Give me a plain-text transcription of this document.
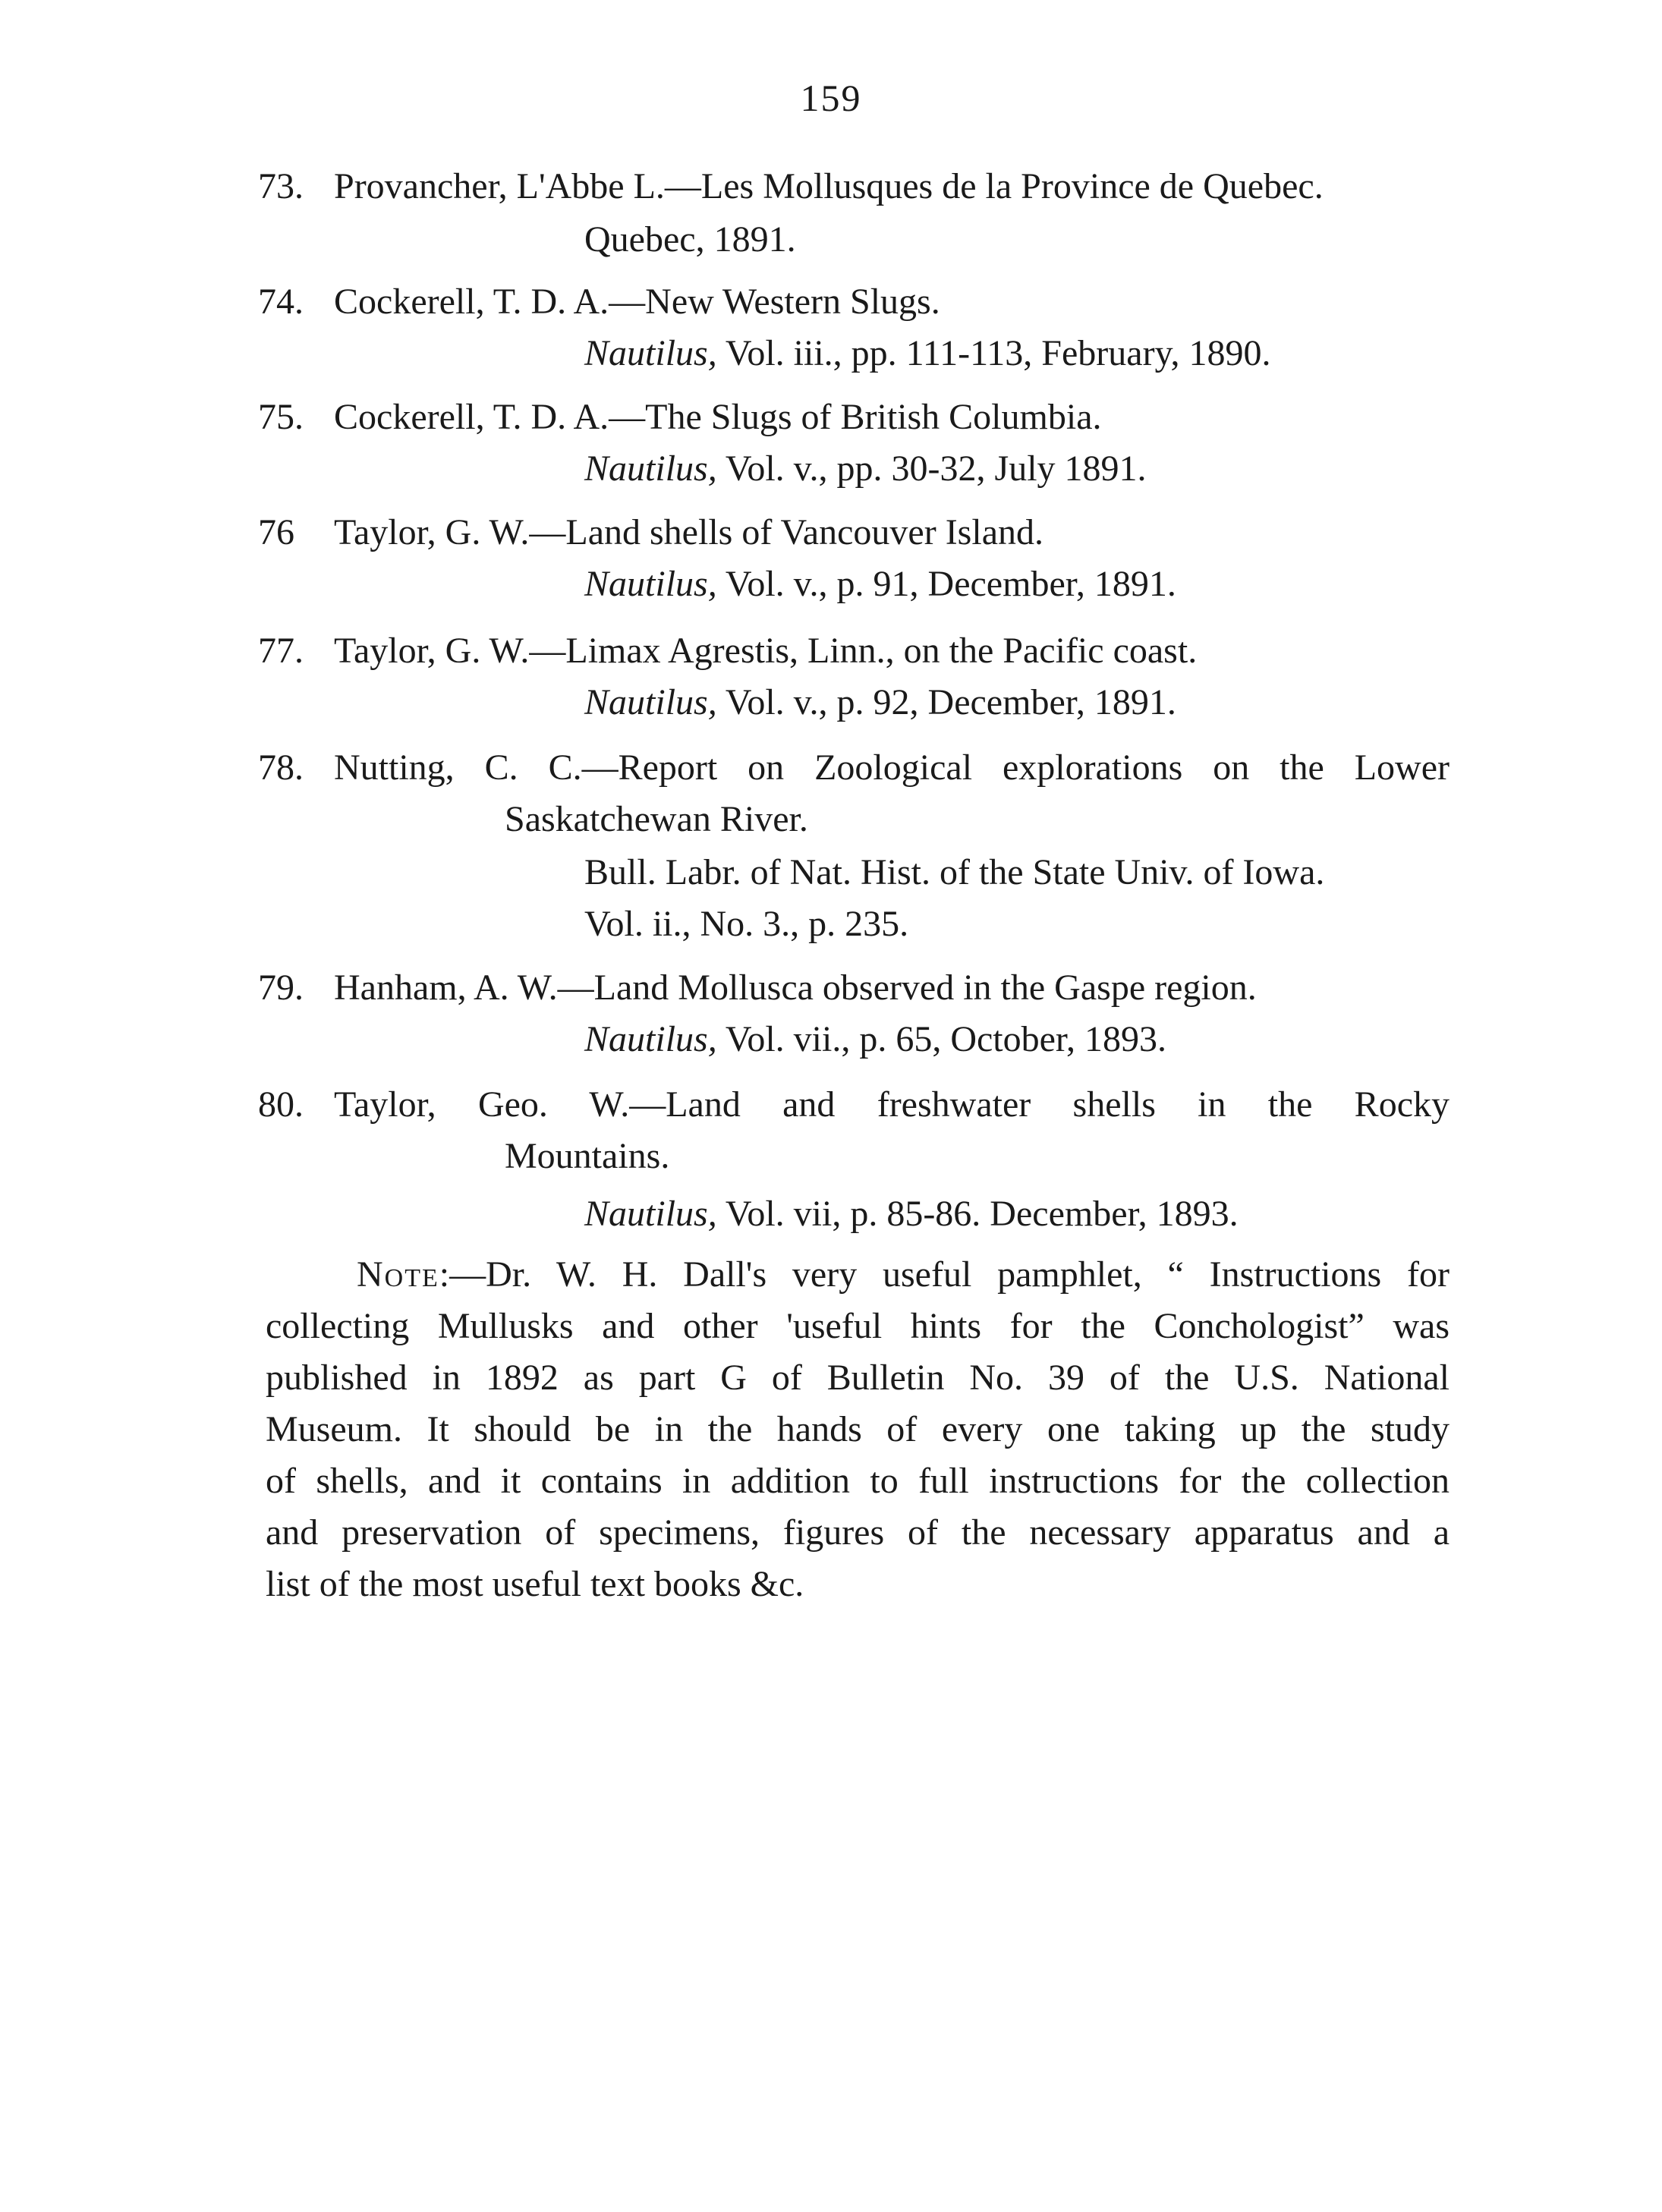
159
73. Provancher, L'Abbe L.—Les Mollusques de la Province de Quebec.
Quebec, 1891.
74. Cockerell, T. D. A.—New Western Slugs.
Nautilus, Vol. iii., pp. 111-113, February, 1890.
75. Cockerell, T. D. A.—The Slugs of British Columbia.
Nautilus, Vol. v., pp. 30-32, July 1891.
76 Taylor, G. W.—Land shells of Vancouver Island.
Nautilus, Vol. v., p. 91, December, 1891.
77. Taylor, G. W.—Limax Agrestis, Linn., on the Pacific coast.
Nautilus, Vol. v., p. 92, December, 1891.
78. Nutting, C. C.—Report on Zoological explorations on the Lower
Saskatchewan River.
Bull. Labr. of Nat. Hist. of the State Univ. of Iowa.
Vol. ii., No. 3., p. 235.
79. Hanham, A. W.—Land Mollusca observed in the Gaspe region.
Nautilus, Vol. vii., p. 65, October, 1893.
80. Taylor, Geo. W.—Land and freshwater shells in the Rocky
Mountains.
Nautilus, Vol. vii, p. 85-86. December, 1893.
Note:—Dr. W. H. Dall's very useful pamphlet, “ Instructions for
collecting Mullusks and other 'useful hints for the Conchologist” was
published in 1892 as part G of Bulletin No. 39 of the U.S. National
Museum. It should be in the hands of every one taking up the study
of shells, and it contains in addition to full instructions for the collection
and preservation of specimens, figures of the necessary apparatus and a
list of the most useful text books &c.
